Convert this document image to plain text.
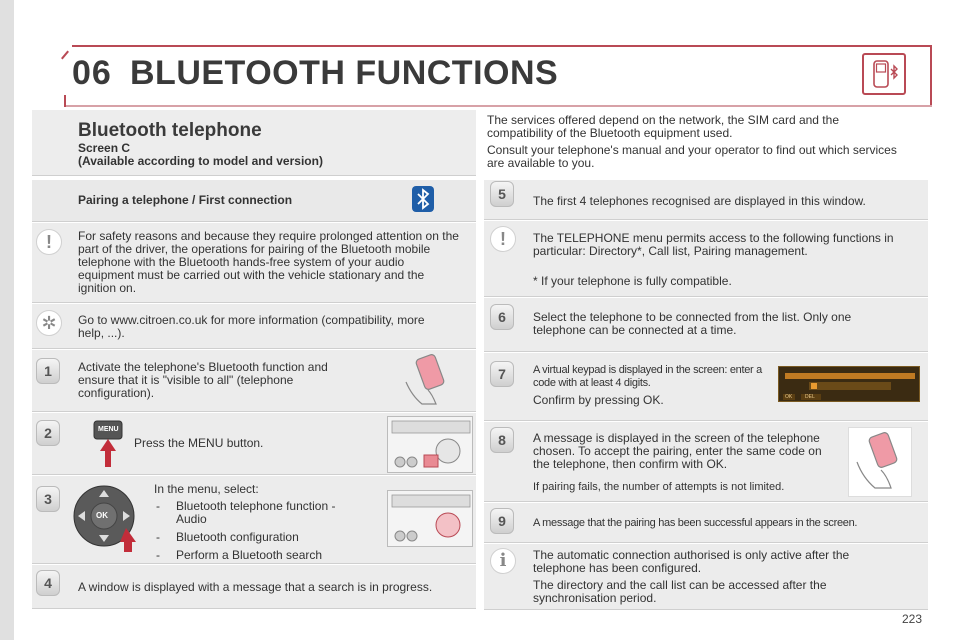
06 BLUETOOTH FUNCTIONS
Bluetooth telephone
Screen C
(Available according to model and version)
The services offered depend on the network, the SIM card and the compatibility of the Bluetooth equipment used.
Consult your telephone's manual and your operator to find out which services are available to you.
Pairing a telephone / First connection
!	For safety reasons and because they require prolonged attention on the part of the driver, the operations for pairing of the Bluetooth mobile telephone with the Bluetooth hands-free system of your audio equipment must be carried out with the vehicle stationary and the ignition on.
✲	Go to www.citroen.co.uk for more information (compatibility, more help, ...).
1	Activate the telephone's Bluetooth function and ensure that it is "visible to all" (telephone configuration).
2	MENU
Press the MENU button.
3
OK
In the menu, select:
- Bluetooth telephone function - Audio
- Bluetooth configuration
- Perform a Bluetooth search
4	A window is displayed with a message that a search is in progress.
5	The first 4 telephones recognised are displayed in this window.
!	The TELEPHONE menu permits access to the following functions in particular: Directory*, Call list, Pairing management.
* If your telephone is fully compatible.
6	Select the telephone to be connected from the list. Only one telephone can be connected at a time.
7	A virtual keypad is displayed in the screen: enter a code with at least 4 digits.
Confirm by pressing OK.	OK	DEL
8	A message is displayed in the screen of the telephone chosen. To accept the pairing, enter the same code on the telephone, then confirm with OK.
If pairing fails, the number of attempts is not limited.
9	A message that the pairing has been successful appears in the screen.
i	The automatic connection authorised is only active after the telephone has been configured.
The directory and the call list can be accessed after the synchronisation period.
223
